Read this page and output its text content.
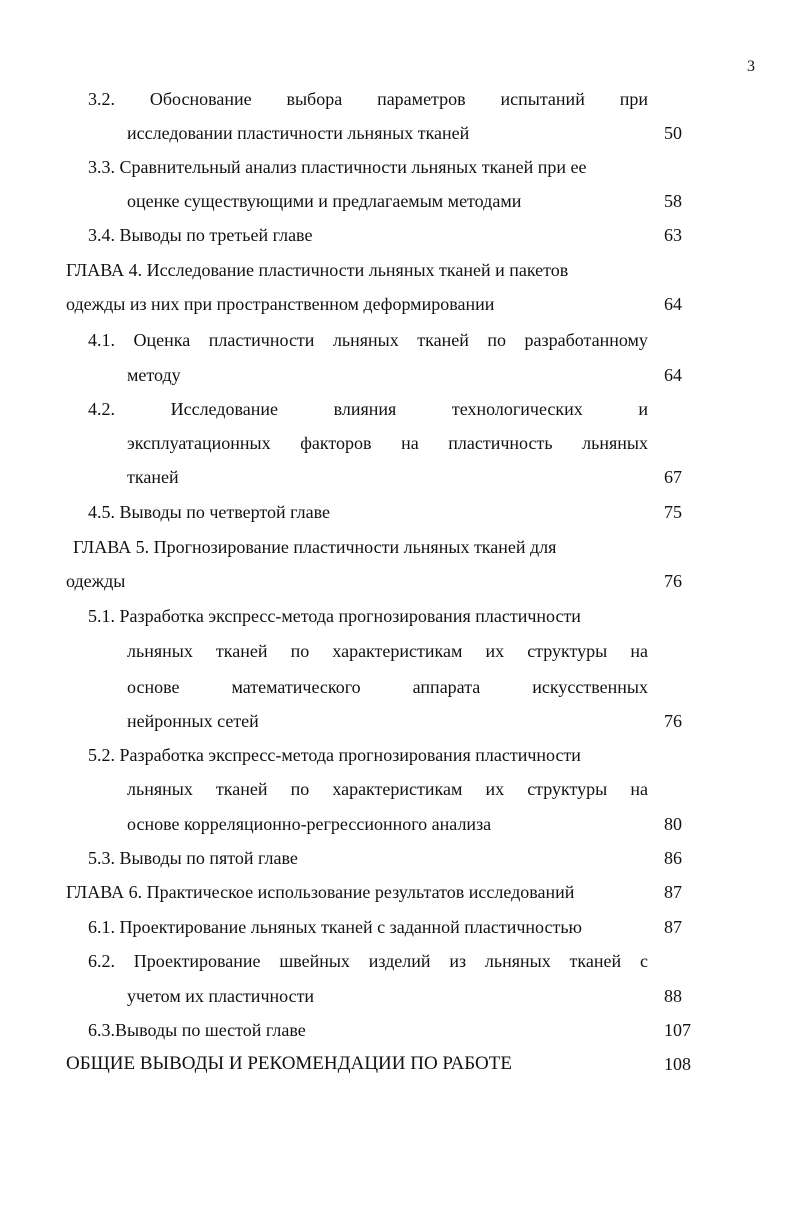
3
3.2. Обоснование выбора параметров испытаний при
исследовании пластичности льняных тканей	50
3.3. Сравнительный анализ пластичности льняных тканей при ее
оценке существующими и предлагаемым методами	58
3.4. Выводы по третьей главе	63
ГЛАВА 4. Исследование пластичности льняных тканей и пакетов
одежды из них при пространственном деформировании	64
4.1. Оценка пластичности льняных тканей по разработанному
методу	64
4.2.	Исследование	влияния	технологических	и
эксплуатационных факторов на пластичность льняных
тканей	67
4.5. Выводы по четвертой главе	75
ГЛАВА 5. Прогнозирование пластичности льняных тканей для
одежды	76
5.1. Разработка экспресс-метода прогнозирования пластичности
льняных тканей по характеристикам их структуры на
основе	математического	аппарата	искусственных
нейронных сетей	76
5.2. Разработка экспресс-метода прогнозирования пластичности
льняных тканей по характеристикам их структуры на
основе корреляционно-регрессионного анализа	80
5.3. Выводы по пятой главе	86
ГЛАВА 6. Практическое использование результатов исследований	87
6.1. Проектирование льняных тканей с заданной пластичностью	87
6.2. Проектирование швейных изделий из льняных тканей с
учетом их пластичности	88
6.3.Выводы по шестой главе	107
ОБЩИЕ ВЫВОДЫ И РЕКОМЕНДАЦИИ ПО РАБОТЕ	108
